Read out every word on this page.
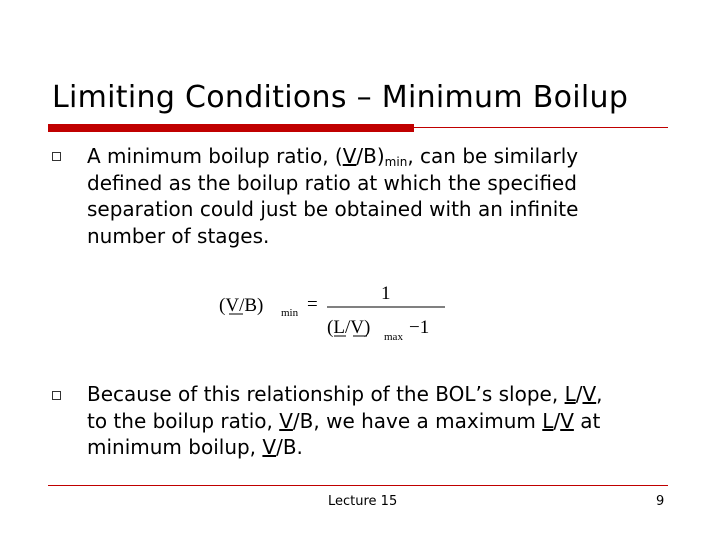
Limiting Conditions – Minimum Boilup
A minimum boilup ratio, $(V/B)_{min}$, can be similarly
defined as the boilup ratio at which the specified
separation could just be obtained with an infinite
number of stages.
(V/B) min =
1
(L/V) max −1
Because of this relationship of the BOL’s slope, L/V,
to the boilup ratio, V/B, we have a maximum L/V at
minimum boilup, V/B.
Lecture 15	9
